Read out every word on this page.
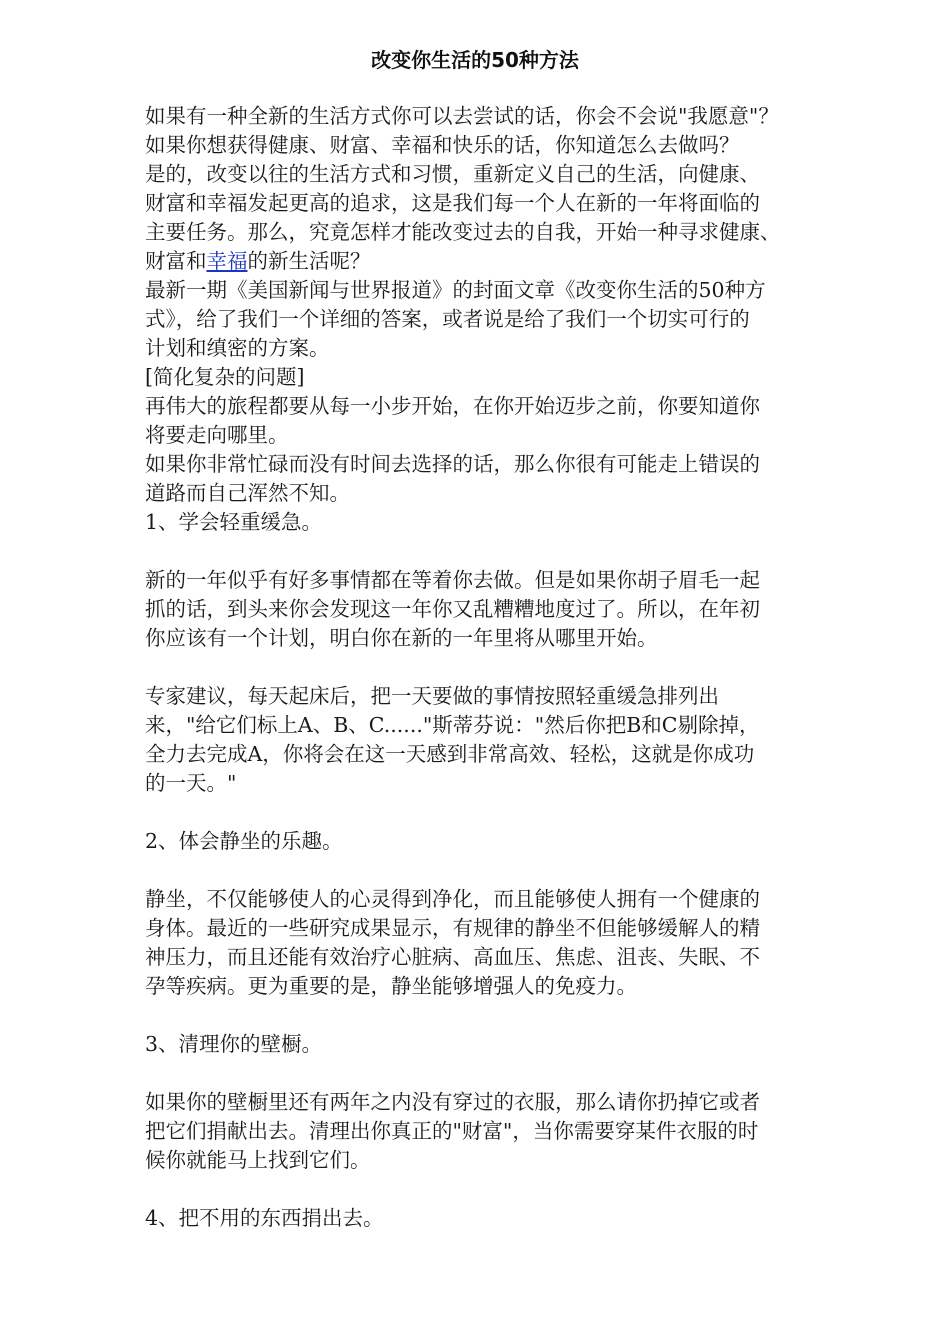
改变你生活的50种方法
如果有一种全新的生活方式你可以去尝试的话，你会不会说"我愿意"？
如果你想获得健康、财富、幸福和快乐的话，你知道怎么去做吗？
是的，改变以往的生活方式和习惯，重新定义自己的生活，向健康、
财富和幸福发起更高的追求，这是我们每一个人在新的一年将面临的
主要任务。那么，究竟怎样才能改变过去的自我，开始一种寻求健康、
财富和幸福的新生活呢？
最新一期《美国新闻与世界报道》的封面文章《改变你生活的50种方
式》，给了我们一个详细的答案，或者说是给了我们一个切实可行的
计划和缜密的方案。
[简化复杂的问题]
再伟大的旅程都要从每一小步开始，在你开始迈步之前，你要知道你
将要走向哪里。
如果你非常忙碌而没有时间去选择的话，那么你很有可能走上错误的
道路而自己浑然不知。
1、学会轻重缓急。
新的一年似乎有好多事情都在等着你去做。但是如果你胡子眉毛一起
抓的话，到头来你会发现这一年你又乱糟糟地度过了。所以，在年初
你应该有一个计划，明白你在新的一年里将从哪里开始。
专家建议，每天起床后，把一天要做的事情按照轻重缓急排列出
来，"给它们标上A、B、C......"斯蒂芬说："然后你把B和C剔除掉，
全力去完成A，你将会在这一天感到非常高效、轻松，这就是你成功
的一天。"
2、体会静坐的乐趣。
静坐，不仅能够使人的心灵得到净化，而且能够使人拥有一个健康的
身体。最近的一些研究成果显示，有规律的静坐不但能够缓解人的精
神压力，而且还能有效治疗心脏病、高血压、焦虑、沮丧、失眠、不
孕等疾病。更为重要的是，静坐能够增强人的免疫力。
3、清理你的壁橱。
如果你的壁橱里还有两年之内没有穿过的衣服，那么请你扔掉它或者
把它们捐献出去。清理出你真正的"财富"，当你需要穿某件衣服的时
候你就能马上找到它们。
4、把不用的东西捐出去。
